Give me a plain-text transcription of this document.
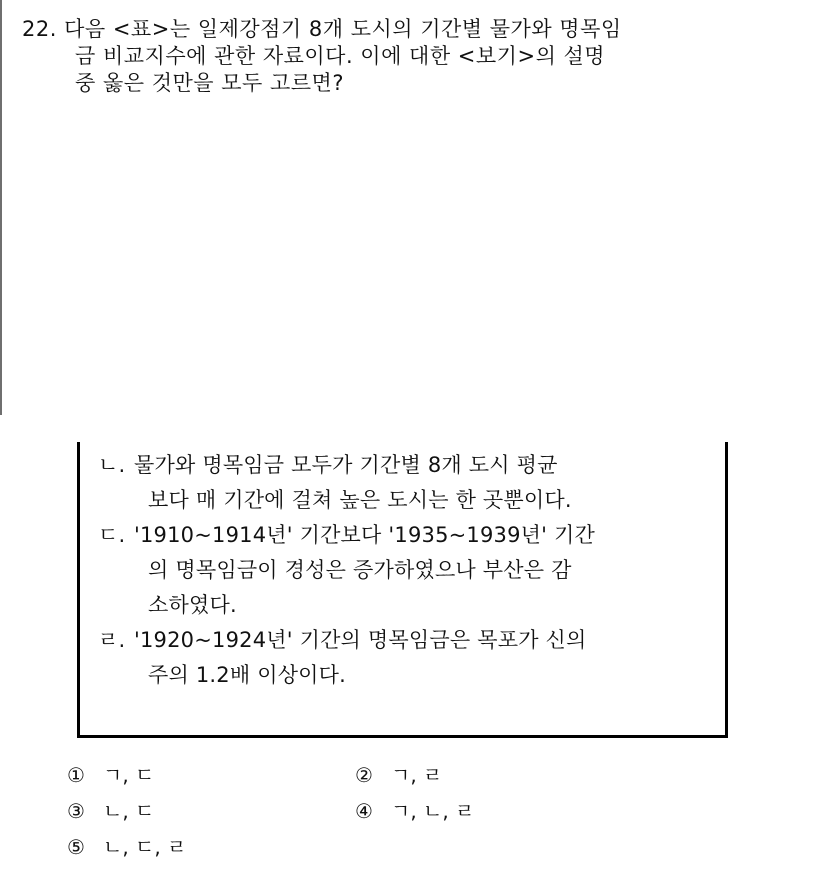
22. 다음 <표>는 일제강점기 8개 도시의 기간별 물가와 명목임
금 비교지수에 관한 자료이다. 이에 대한 <보기>의 설명
중 옳은 것만을 모두 고르면?
ㄴ. 물가와 명목임금 모두가 기간별 8개 도시 평균
보다 매 기간에 걸쳐 높은 도시는 한 곳뿐이다.
ㄷ. '1910~1914년' 기간보다 '1935~1939년' 기간
의 명목임금이 경성은 증가하였으나 부산은 감
소하였다.
ㄹ. '1920~1924년' 기간의 명목임금은 목포가 신의
주의 1.2배 이상이다.
① ㄱ, ㄷ	② ㄱ, ㄹ
③ ㄴ, ㄷ	④ ㄱ, ㄴ, ㄹ
⑤ ㄴ, ㄷ, ㄹ
